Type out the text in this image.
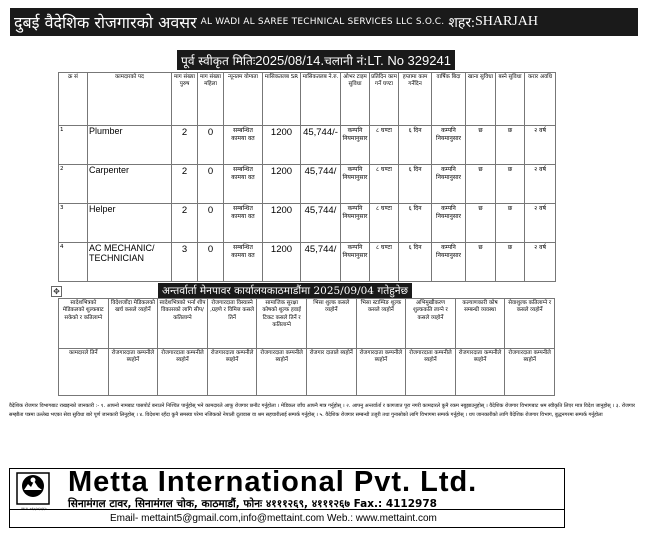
दुबई वैदेशिक रोजगारको अवसर AL WADI AL SAREE TECHNICAL SERVICES LLC S.O.C. शहर: SHARJAH
पूर्व स्वीकृत मितिः 2025/08/14 .चलानी नं: LT. No 329241
क्र सं	कामदारको पद	माग संख्या पुरुष	माग संख्या महिला	न्यूनतम योग्यता	मासिकतलब SR	मासिकतलब ने.रु.	ओभर टाइम सुविधा	प्रतिदिन काम गर्ने घण्टा	हप्तामा काम गर्नेदिन	वार्षिक बिदा	खाना सुविधा	बस्ने सुविधा	करार अवधि
1	Plumber	2	0	सम्बन्धित कामया वत	1200	45,744/-	कम्पनि नियमानुसार	८ घण्टा	६ दिन	कम्पनि नियमानुसार	छ	छ	२ वर्ष
2	Carpenter	2	0	सम्बन्धित कामया वत	1200	45,744/	कम्पनि नियमानुसार	८ घण्टा	६ दिन	कम्पनि नियमानुसार	छ	छ	२ वर्ष
3	Helper	2	0	सम्बन्धित कामया वत	1200	45,744/	कम्पनि नियमानुसार	८ घण्टा	६ दिन	कम्पनि नियमानुसार	छ	छ	२ वर्ष
4	AC MECHANIC/ TECHNICIAN	3	0	सम्बन्धित कामया वत	1200	45,744/	कम्पनि नियमानुसार	८ घण्टा	६ दिन	कम्पनि नियमानुसार	छ	छ	२ वर्ष
✥	अन्तर्वार्ता मेनपावर कार्यालयकाठमाडौंमा 2025/09/04 गतेहुनेछ
स्वदेशभित्रको मेडिकलको शुल्कबाट सकेको र कतिलाग्ने	विदेशजाँदा मेडिकलको खर्च कसले व्यहोर्ने	स्वदेशभित्रको भर्ना शीप विकासको लागि सीप/कतिलाग्ने	रोजगारदाता विस्वास्ने ,ग्रहणे र विमित्त कसले तिर्ने	सामाजिक सुरक्षा कोषको शुल्क हवाई टिकट कसले तिर्ने र कतिलाग्ने	भिसा शुल्क कसले व्यहोर्ने	भिसा स्टाम्पिङ शुल्क कसले व्यहोर्ने	अभिमुखीकरण शुल्ककति लाग्ने र कसले व्यहोर्ने	कल्याणकारी कोष सम्बन्धी व्यवस्था	सेवाशुल्क कतिलाग्ने र कसले व्यहोर्ने
कामदारले तिर्ने	रोजगारदाता कम्पनीले ब्यहोर्ने	रोजगारदाता कम्पनीले ब्यहोर्ने	रोजगारदाता कम्पनीले ब्यहोर्ने	रोजगारदाता कम्पनीले ब्यहोर्ने	रोजगार दाताले ब्यहोर्ने	रोजगारदाता कम्पनीले ब्यहोर्ने	रोजगारदाता कम्पनीले ब्यहोर्ने	रोजगारदाता कम्पनीले ब्यहोर्ने	रोजगारदाता कम्पनीले ब्यहोर्ने
वैदेशिक रोजगार विभागबाट राखइन्को जानकारी :- १. आफ्नो नामबाट पासपोर्ट बनाउने निश्चित पार्नुहोस् भने कामदारले आफू रोजगार छनौट गर्नुहोला । मेडिकल जाँच आफ्नै मात्र गर्नुहोस् । २. आफ्नु अन्तर्वार्ता र कागजात पूरा नगरी कामदारले कुनै रकम नबुझाउनुहोस् । वैदेशिक रोजगार विभागबाट श्रम स्वीकृति लिएर मात्र विदेश जानुहोस् । ३. रोजगार सम्झौता पत्रमा उल्लेख भएका सेवा सुविधा बारे पूर्ण जानकारी लिनुहोस् । ४. विदेशमा रहँदा कुनै समस्या परेमा नजिकको नेपाली दूतावास वा श्रम सहचारीलाई सम्पर्क गर्नुहोस् । ५. वैदेशिक रोजगार सम्बन्धी उजुरी तथा गुनासोको लागि विभागमा सम्पर्क गर्नुहोस् । थप जानकारीको लागि वैदेशिक रोजगार विभाग, बुद्धनगरमा सम्पर्क गर्नुहोला
ला.न. ७६४/०६४/६५
Metta International Pvt. Ltd.
सिनामंगल टावर, सिनामंगल चोक, काठमाडौं, फोनः ४१११२६९, ४१११२६७ Fax.: 4112978
Email- mettaint5@gmail.com,info@mettaint.com Web.: www.mettaint.com
